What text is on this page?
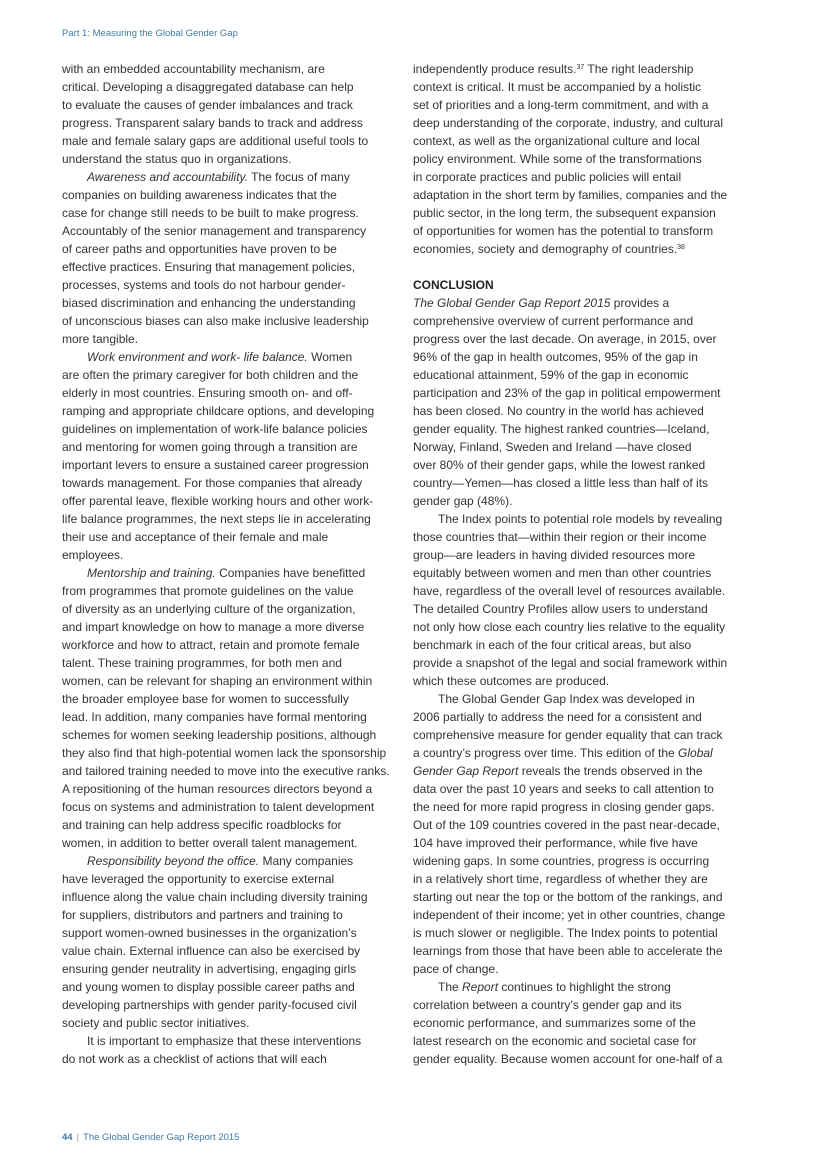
Part 1: Measuring the Global Gender Gap

with an embedded accountability mechanism, are
critical. Developing a disaggregated database can help
to evaluate the causes of gender imbalances and track
progress. Transparent salary bands to track and address
male and female salary gaps are additional useful tools to
understand the status quo in organizations.

Awareness and accountability. The focus of many
companies on building awareness indicates that the
case for change still needs to be built to make progress.
Accountably of the senior management and transparency
of career paths and opportunities have proven to be
effective practices. Ensuring that management policies,
processes, systems and tools do not harbour gender-
biased discrimination and enhancing the understanding
of unconscious biases can also make inclusive leadership
more tangible.

Work environment and work- life balance. Women
are often the primary caregiver for both children and the
elderly in most countries. Ensuring smooth on- and off-
ramping and appropriate childcare options, and developing
guidelines on implementation of work-life balance policies
and mentoring for women going through a transition are
important levers to ensure a sustained career progression
towards management. For those companies that already
offer parental leave, flexible working hours and other work-
life balance programmes, the next steps lie in accelerating
their use and acceptance of their female and male
employees.

Mentorship and training. Companies have benefitted
from programmes that promote guidelines on the value
of diversity as an underlying culture of the organization,
and impart knowledge on how to manage a more diverse
workforce and how to attract, retain and promote female
talent. These training programmes, for both men and
women, can be relevant for shaping an environment within
the broader employee base for women to successfully
lead. In addition, many companies have formal mentoring
schemes for women seeking leadership positions, although
they also find that high-potential women lack the sponsorship
and tailored training needed to move into the executive ranks.
A repositioning of the human resources directors beyond a
focus on systems and administration to talent development
and training can help address specific roadblocks for
women, in addition to better overall talent management.

Responsibility beyond the office. Many companies
have leveraged the opportunity to exercise external
influence along the value chain including diversity training
for suppliers, distributors and partners and training to
support women-owned businesses in the organization’s
value chain. External influence can also be exercised by
ensuring gender neutrality in advertising, engaging girls
and young women to display possible career paths and
developing partnerships with gender parity-focused civil
society and public sector initiatives.

It is important to emphasize that these interventions
do not work as a checklist of actions that will each

independently produce results.$^{37}$ The right leadership
context is critical. It must be accompanied by a holistic
set of priorities and a long-term commitment, and with a
deep understanding of the corporate, industry, and cultural
context, as well as the organizational culture and local
policy environment. While some of the transformations
in corporate practices and public policies will entail
adaptation in the short term by families, companies and the
public sector, in the long term, the subsequent expansion
of opportunities for women has the potential to transform
economies, society and demography of countries.$^{38}$

CONCLUSION

The Global Gender Gap Report 2015 provides a
comprehensive overview of current performance and
progress over the last decade. On average, in 2015, over
96% of the gap in health outcomes, 95% of the gap in
educational attainment, 59% of the gap in economic
participation and 23% of the gap in political empowerment
has been closed. No country in the world has achieved
gender equality. The highest ranked countries—Iceland,
Norway, Finland, Sweden and Ireland —have closed
over 80% of their gender gaps, while the lowest ranked
country—Yemen—has closed a little less than half of its
gender gap (48%).

The Index points to potential role models by revealing
those countries that—within their region or their income
group—are leaders in having divided resources more
equitably between women and men than other countries
have, regardless of the overall level of resources available.
The detailed Country Profiles allow users to understand
not only how close each country lies relative to the equality
benchmark in each of the four critical areas, but also
provide a snapshot of the legal and social framework within
which these outcomes are produced.

The Global Gender Gap Index was developed in
2006 partially to address the need for a consistent and
comprehensive measure for gender equality that can track
a country’s progress over time. This edition of the Global
Gender Gap Report reveals the trends observed in the
data over the past 10 years and seeks to call attention to
the need for more rapid progress in closing gender gaps.
Out of the 109 countries covered in the past near-decade,
104 have improved their performance, while five have
widening gaps. In some countries, progress is occurring
in a relatively short time, regardless of whether they are
starting out near the top or the bottom of the rankings, and
independent of their income; yet in other countries, change
is much slower or negligible. The Index points to potential
learnings from those that have been able to accelerate the
pace of change.

The Report continues to highlight the strong
correlation between a country’s gender gap and its
economic performance, and summarizes some of the
latest research on the economic and societal case for
gender equality. Because women account for one-half of a

44 | The Global Gender Gap Report 2015
